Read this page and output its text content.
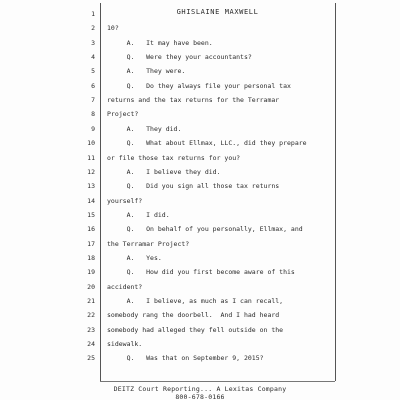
GHISLAINE MAXWELL
1
2 10?
3 A.   It may have been.
4 Q.   Were they your accountants?
5 A.   They were.
6 Q.   Do they always file your personal tax
7 returns and the tax returns for the Terramar
8 Project?
9 A.   They did.
10 Q.   What about Ellmax, LLC., did they prepare
11 or file those tax returns for you?
12 A.   I believe they did.
13 Q.   Did you sign all those tax returns
14 yourself?
15 A.   I did.
16 Q.   On behalf of you personally, Ellmax, and
17 the Terramar Project?
18 A.   Yes.
19 Q.   How did you first become aware of this
20 accident?
21 A.   I believe, as much as I can recall,
22 somebody rang the doorbell.  And I had heard
23 somebody had alleged they fell outside on the
24 sidewalk.
25 Q.   Was that on September 9, 2015?
DEITZ Court Reporting... A Lexitas Company
800-678-0166
